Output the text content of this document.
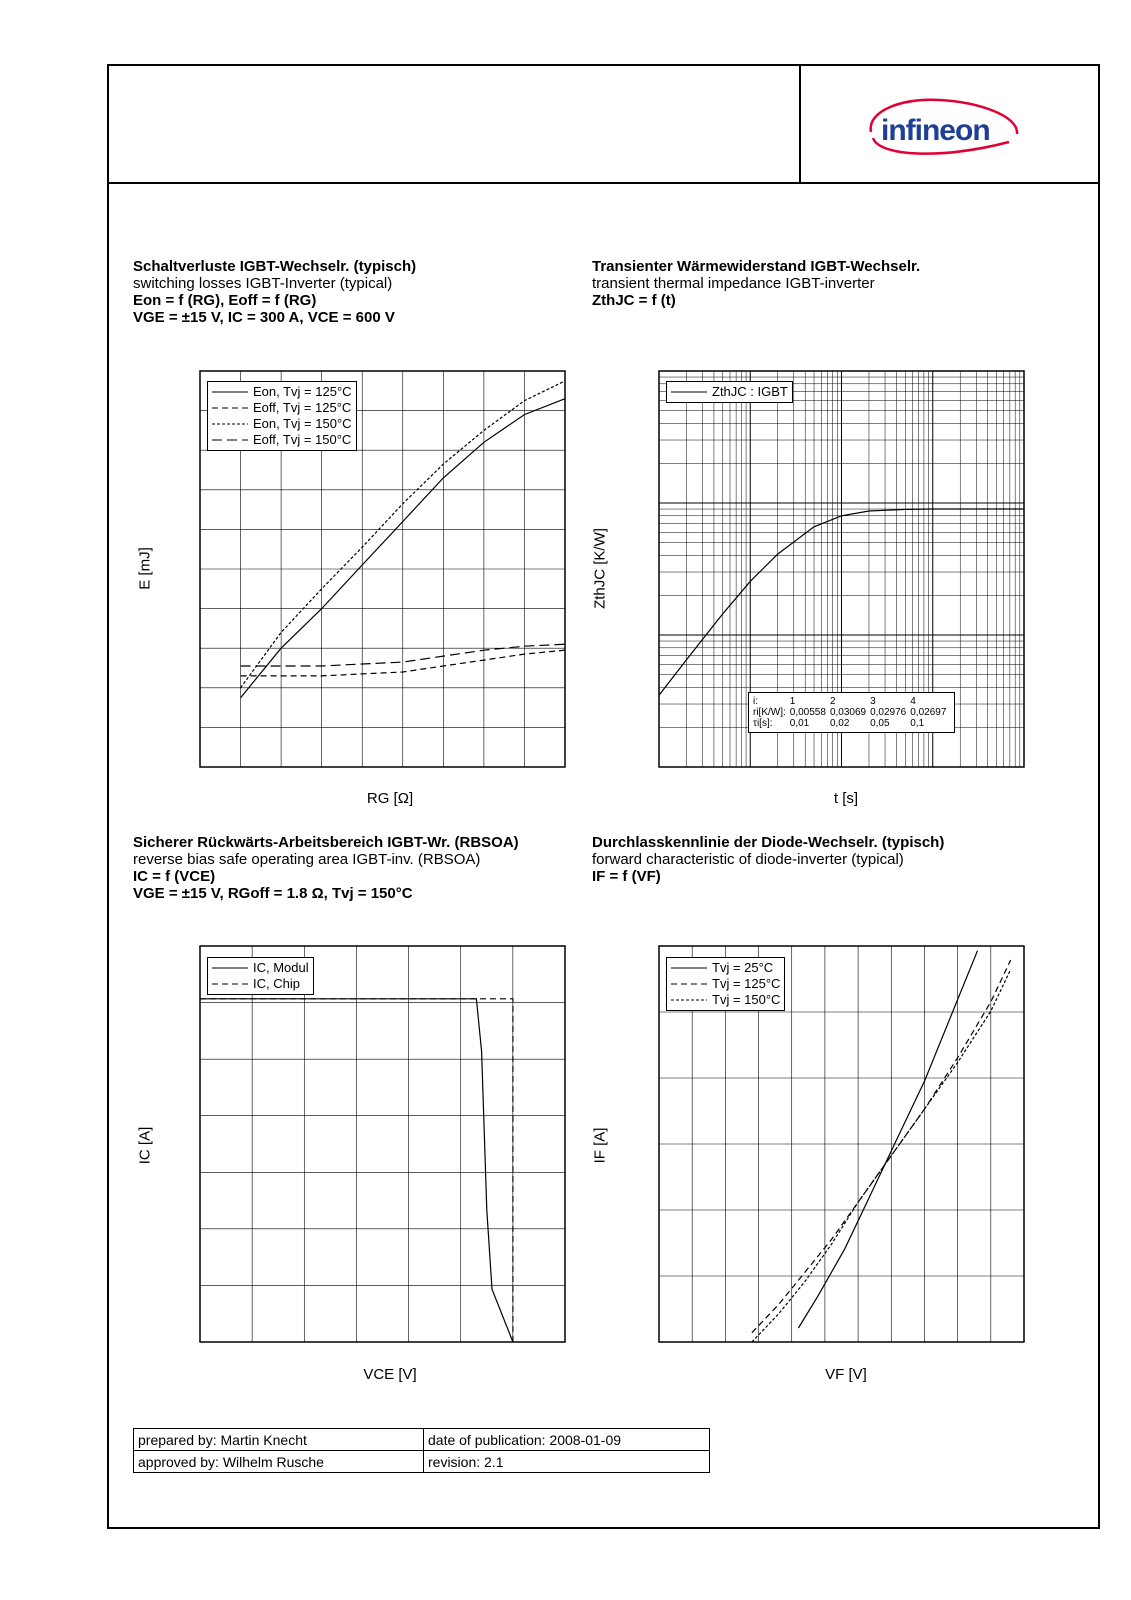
infineon
Schaltverluste IGBT-Wechselr. (typisch)
switching losses IGBT-Inverter (typical)
Eon = f (RG), Eoff = f (RG)
VGE = ±15 V, IC = 300 A, VCE = 600 V
Transienter Wärmewiderstand IGBT-Wechselr.
transient thermal impedance IGBT-inverter
ZthJC = f (t)
Sicherer Rückwärts-Arbeitsbereich IGBT-Wr. (RBSOA)
reverse bias safe operating area IGBT-inv. (RBSOA)
IC = f (VCE)
VGE = ±15 V, RGoff = 1.8 Ω, Tvj = 150°C
Durchlasskennlinie der Diode-Wechselr. (typisch)
forward characteristic of diode-inverter (typical)
IF = f (VF)
E [mJ]
RG [Ω]
ZthJC [K/W]
t [s]
IC [A]
VCE [V]
IF [A]
VF [V]
Eon, Tvj = 125°C
Eoff, Tvj = 125°C
Eon, Tvj = 150°C
Eoff, Tvj = 150°C
ZthJC : IGBT
i:	1	2	3	4
ri[K/W]:	0,00558	0,03069	0,02976	0,02697
τi[s]:	0,01	0,02	0,05	0,1
IC, Modul
IC, Chip
Tvj = 25°C
Tvj = 125°C
Tvj = 150°C
prepared by: Martin Knecht	date of publication: 2008-01-09
approved by: Wilhelm Rusche	revision: 2.1
